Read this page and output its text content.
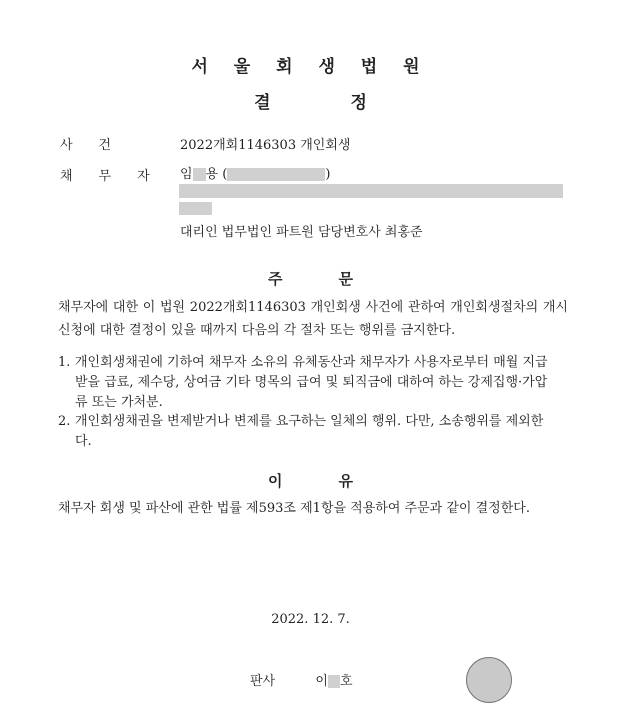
서 울 회 생 법 원
결	정
사건	2022개회1146303 개인회생
채무자 임 용 (	)
대리인 법무법인 파트원 담당변호사 최홍준
주	문
채무자에 대한 이 법원 2022개회1146303 개인회생 사건에 관하여 개인회생절차의 개시신청에 대한 결정이 있을 때까지 다음의 각 절차 또는 행위를 금지한다.
1. 개인회생채권에 기하여 채무자 소유의 유체동산과 채무자가 사용자로부터 매월 지급받을 급료, 제수당, 상여금 기타 명목의 급여 및 퇴직금에 대하여 하는 강제집행·가압류 또는 가처분.
2. 개인회생채권을 변제받거나 변제를 요구하는 일체의 행위. 다만, 소송행위를 제외한다.
이	유
채무자 회생 및 파산에 관한 법률 제593조 제1항을 적용하여 주문과 같이 결정한다.
2022. 12. 7.
판사	이 호
